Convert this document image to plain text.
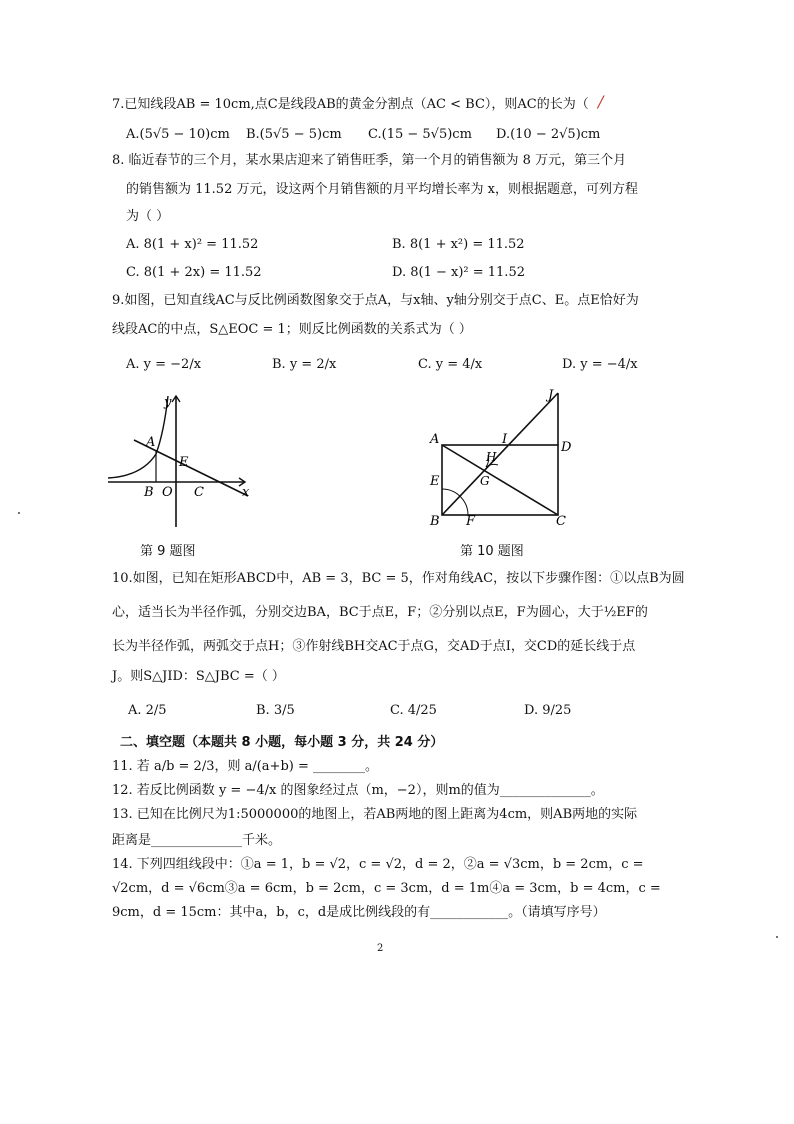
7.已知线段AB = 10cm,点C是线段AB的黄金分割点（AC < BC），则AC的长为（ /
A.(5√5 − 10)cm B.(5√5 − 5)cm C.(15 − 5√5)cm D.(10 − 2√5)cm
8. 临近春节的三个月，某水果店迎来了销售旺季，第一个月的销售额为 8 万元，第三个月
的销售额为 11.52 万元，设这两个月销售额的月平均增长率为 x，则根据题意，可列方程
为（ ）
A. 8(1 + x)² = 11.52	B. 8(1 + x²) = 11.52
C. 8(1 + 2x) = 11.52	D. 8(1 − x)² = 11.52
9.如图，已知直线AC与反比例函数图象交于点A，与x轴、y轴分别交于点C、E。点E恰好为
线段AC的中点，S△EOC = 1；则反比例函数的关系式为（ ）
A. y = −2/x	B. y = 2/x	C. y = 4/x	D. y = −4/x
A
E
B O C	x
y
第 9 题图
A
D
J
I
H
G
E
B F	C
第 10 题图
10.如图，已知在矩形ABCD中，AB = 3，BC = 5，作对角线AC，按以下步骤作图：①以点B为圆
心，适当长为半径作弧，分别交边BA，BC于点E，F；②分别以点E，F为圆心，大于½EF的
长为半径作弧，两弧交于点H；③作射线BH交AC于点G，交AD于点I，交CD的延长线于点
J。则S△JID：S△JBC =（ ）
A. 2/5	B. 3/5	C. 4/25	D. 9/25
二、填空题（本题共 8 小题，每小题 3 分，共 24 分）
11. 若 a/b = 2/3，则 a/(a+b) = ________。
12. 若反比例函数 y = −4/x 的图象经过点（m，−2），则m的值为______________。
13. 已知在比例尺为1:5000000的地图上，若AB两地的图上距离为4cm，则AB两地的实际
距离是______________千米。
14. 下列四组线段中：①a = 1，b = √2，c = √2，d = 2，②a = √3cm，b = 2cm，c =
√2cm，d = √6cm③a = 6cm，b = 2cm，c = 3cm，d = 1m④a = 3cm，b = 4cm，c =
9cm，d = 15cm：其中a，b，c，d是成比例线段的有____________。（请填写序号）
2
